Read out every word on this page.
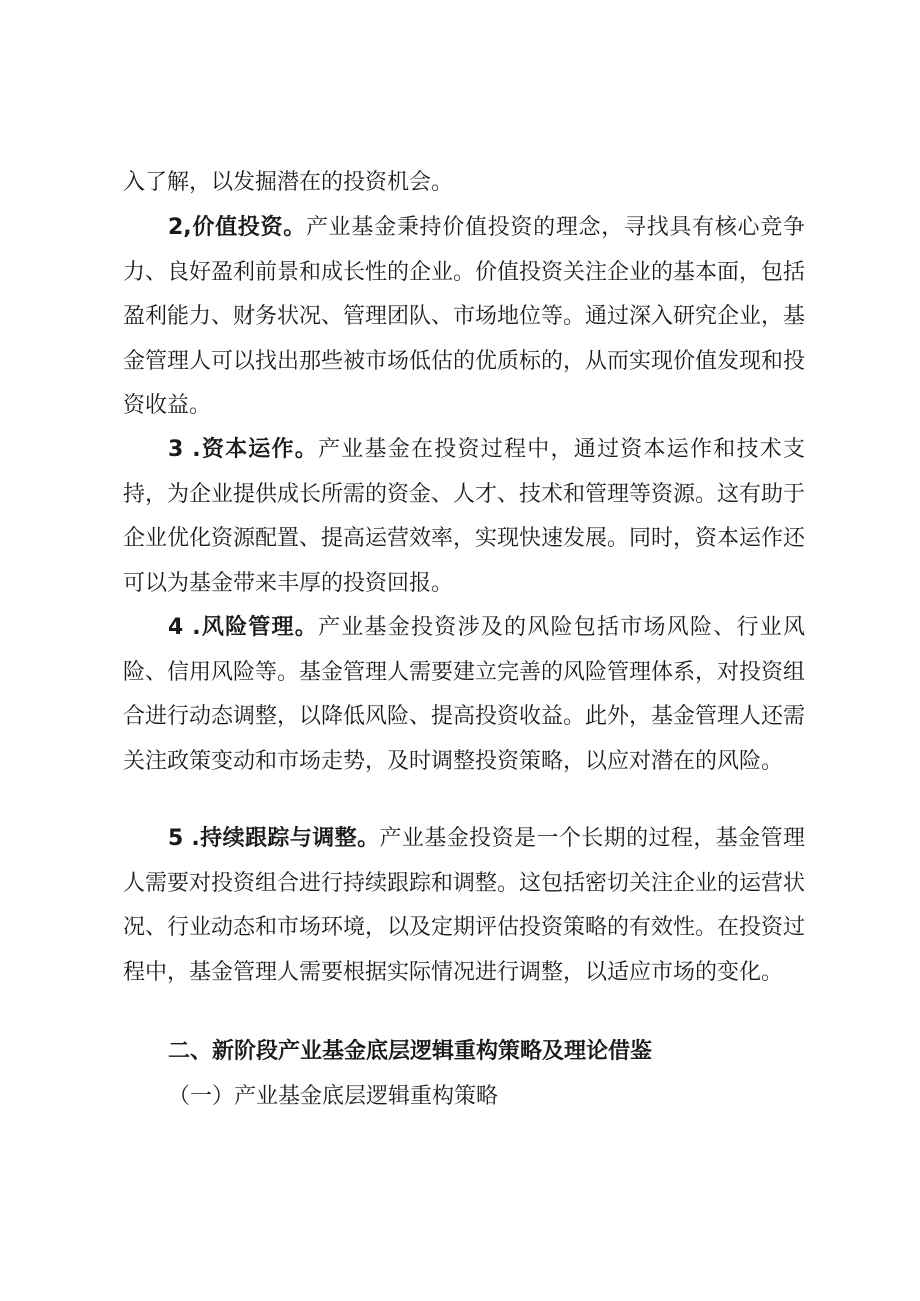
入了解，以发掘潜在的投资机会。

2,价值投资。产业基金秉持价值投资的理念，寻找具有核心竞争力、良好盈利前景和成长性的企业。价值投资关注企业的基本面，包括盈利能力、财务状况、管理团队、市场地位等。通过深入研究企业，基金管理人可以找出那些被市场低估的优质标的，从而实现价值发现和投资收益。

3 .资本运作。产业基金在投资过程中，通过资本运作和技术支持，为企业提供成长所需的资金、人才、技术和管理等资源。这有助于企业优化资源配置、提高运营效率，实现快速发展。同时，资本运作还可以为基金带来丰厚的投资回报。

4 .风险管理。产业基金投资涉及的风险包括市场风险、行业风险、信用风险等。基金管理人需要建立完善的风险管理体系，对投资组合进行动态调整，以降低风险、提高投资收益。此外，基金管理人还需关注政策变动和市场走势，及时调整投资策略，以应对潜在的风险。

5 .持续跟踪与调整。产业基金投资是一个长期的过程，基金管理人需要对投资组合进行持续跟踪和调整。这包括密切关注企业的运营状况、行业动态和市场环境，以及定期评估投资策略的有效性。在投资过程中，基金管理人需要根据实际情况进行调整，以适应市场的变化。

二、新阶段产业基金底层逻辑重构策略及理论借鉴

（一）产业基金底层逻辑重构策略
